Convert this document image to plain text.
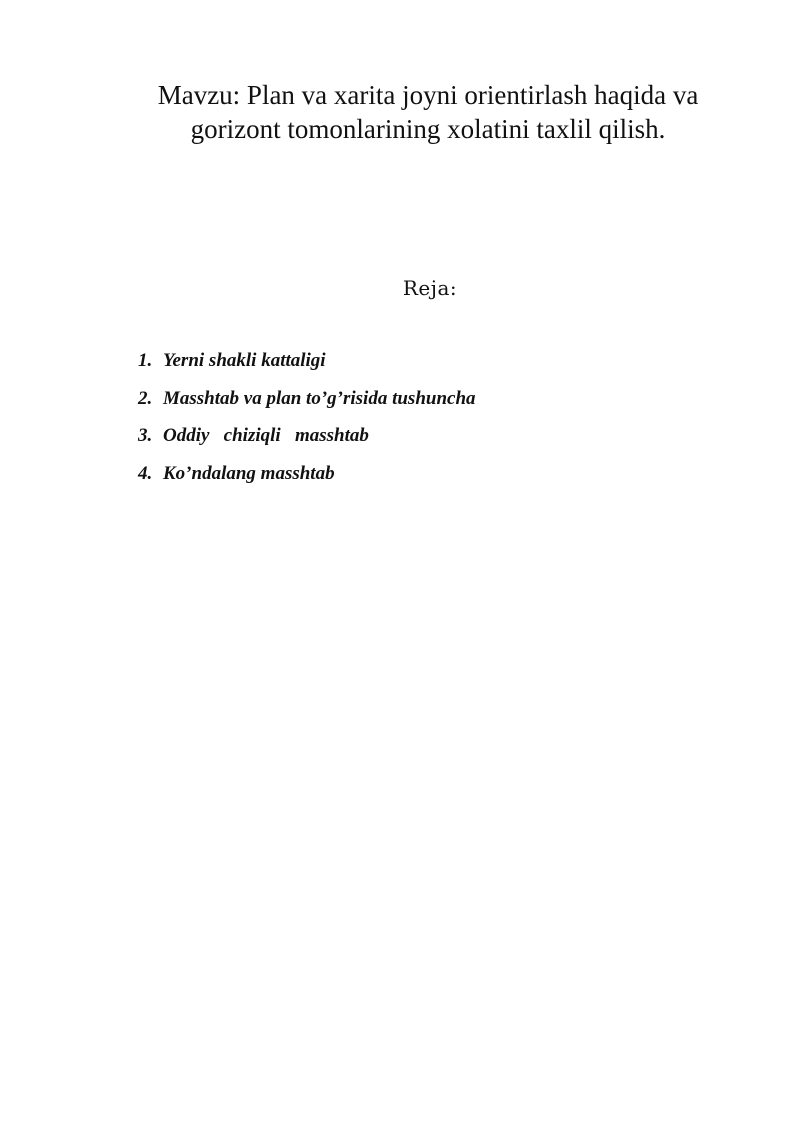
Mavzu: Plan va xarita joyni orientirlash haqida va
gorizont tomonlarining xolatini taxlil qilish.

Reja:

1. Yerni shakli kattaligi
2. Masshtab va plan to’g’risida tushuncha
3. Oddiy   chiziqli   masshtab
4. Ko’ndalang masshtab
